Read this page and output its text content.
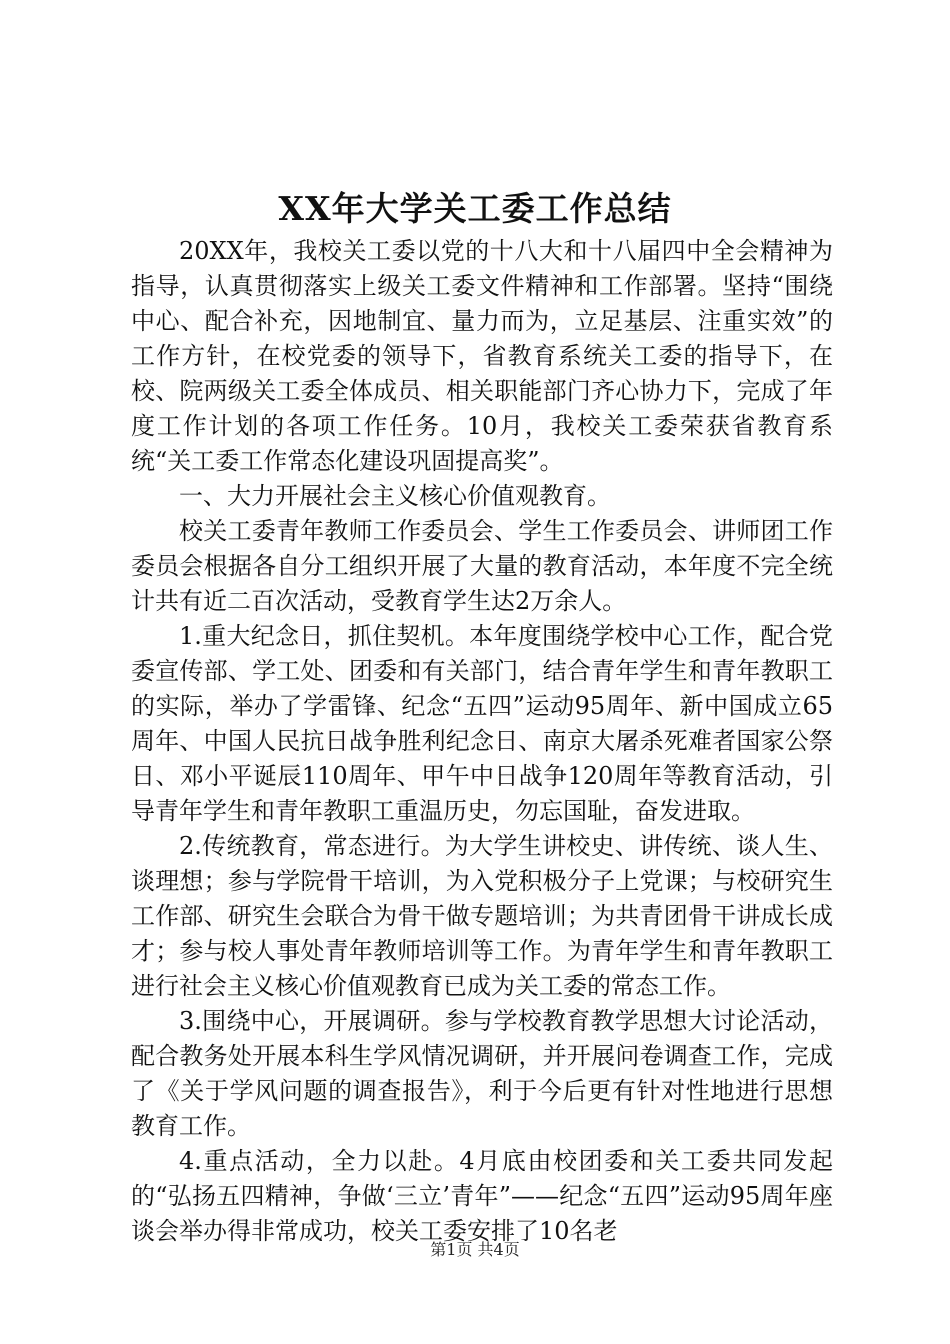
XX年大学关工委工作总结

20XX年，我校关工委以党的十八大和十八届四中全会精神为指导，认真贯彻落实上级关工委文件精神和工作部署。坚持“围绕中心、配合补充，因地制宜、量力而为，立足基层、注重实效”的工作方针，在校党委的领导下，省教育系统关工委的指导下，在校、院两级关工委全体成员、相关职能部门齐心协力下，完成了年度工作计划的各项工作任务。10月，我校关工委荣获省教育系统“关工委工作常态化建设巩固提高奖”。

一、大力开展社会主义核心价值观教育。

校关工委青年教师工作委员会、学生工作委员会、讲师团工作委员会根据各自分工组织开展了大量的教育活动，本年度不完全统计共有近二百次活动，受教育学生达2万余人。

1.重大纪念日，抓住契机。本年度围绕学校中心工作，配合党委宣传部、学工处、团委和有关部门，结合青年学生和青年教职工的实际，举办了学雷锋、纪念“五四”运动95周年、新中国成立65周年、中国人民抗日战争胜利纪念日、南京大屠杀死难者国家公祭日、邓小平诞辰110周年、甲午中日战争120周年等教育活动，引导青年学生和青年教职工重温历史，勿忘国耻，奋发进取。

2.传统教育，常态进行。为大学生讲校史、讲传统、谈人生、谈理想；参与学院骨干培训，为入党积极分子上党课；与校研究生工作部、研究生会联合为骨干做专题培训；为共青团骨干讲成长成才；参与校人事处青年教师培训等工作。为青年学生和青年教职工进行社会主义核心价值观教育已成为关工委的常态工作。

3.围绕中心，开展调研。参与学校教育教学思想大讨论活动，配合教务处开展本科生学风情况调研，并开展问卷调查工作，完成了《关于学风问题的调查报告》，利于今后更有针对性地进行思想教育工作。

4.重点活动，全力以赴。4月底由校团委和关工委共同发起的“弘扬五四精神，争做‘三立’青年”——纪念“五四”运动95周年座谈会举办得非常成功，校关工委安排了10名老

第1页 共4页
